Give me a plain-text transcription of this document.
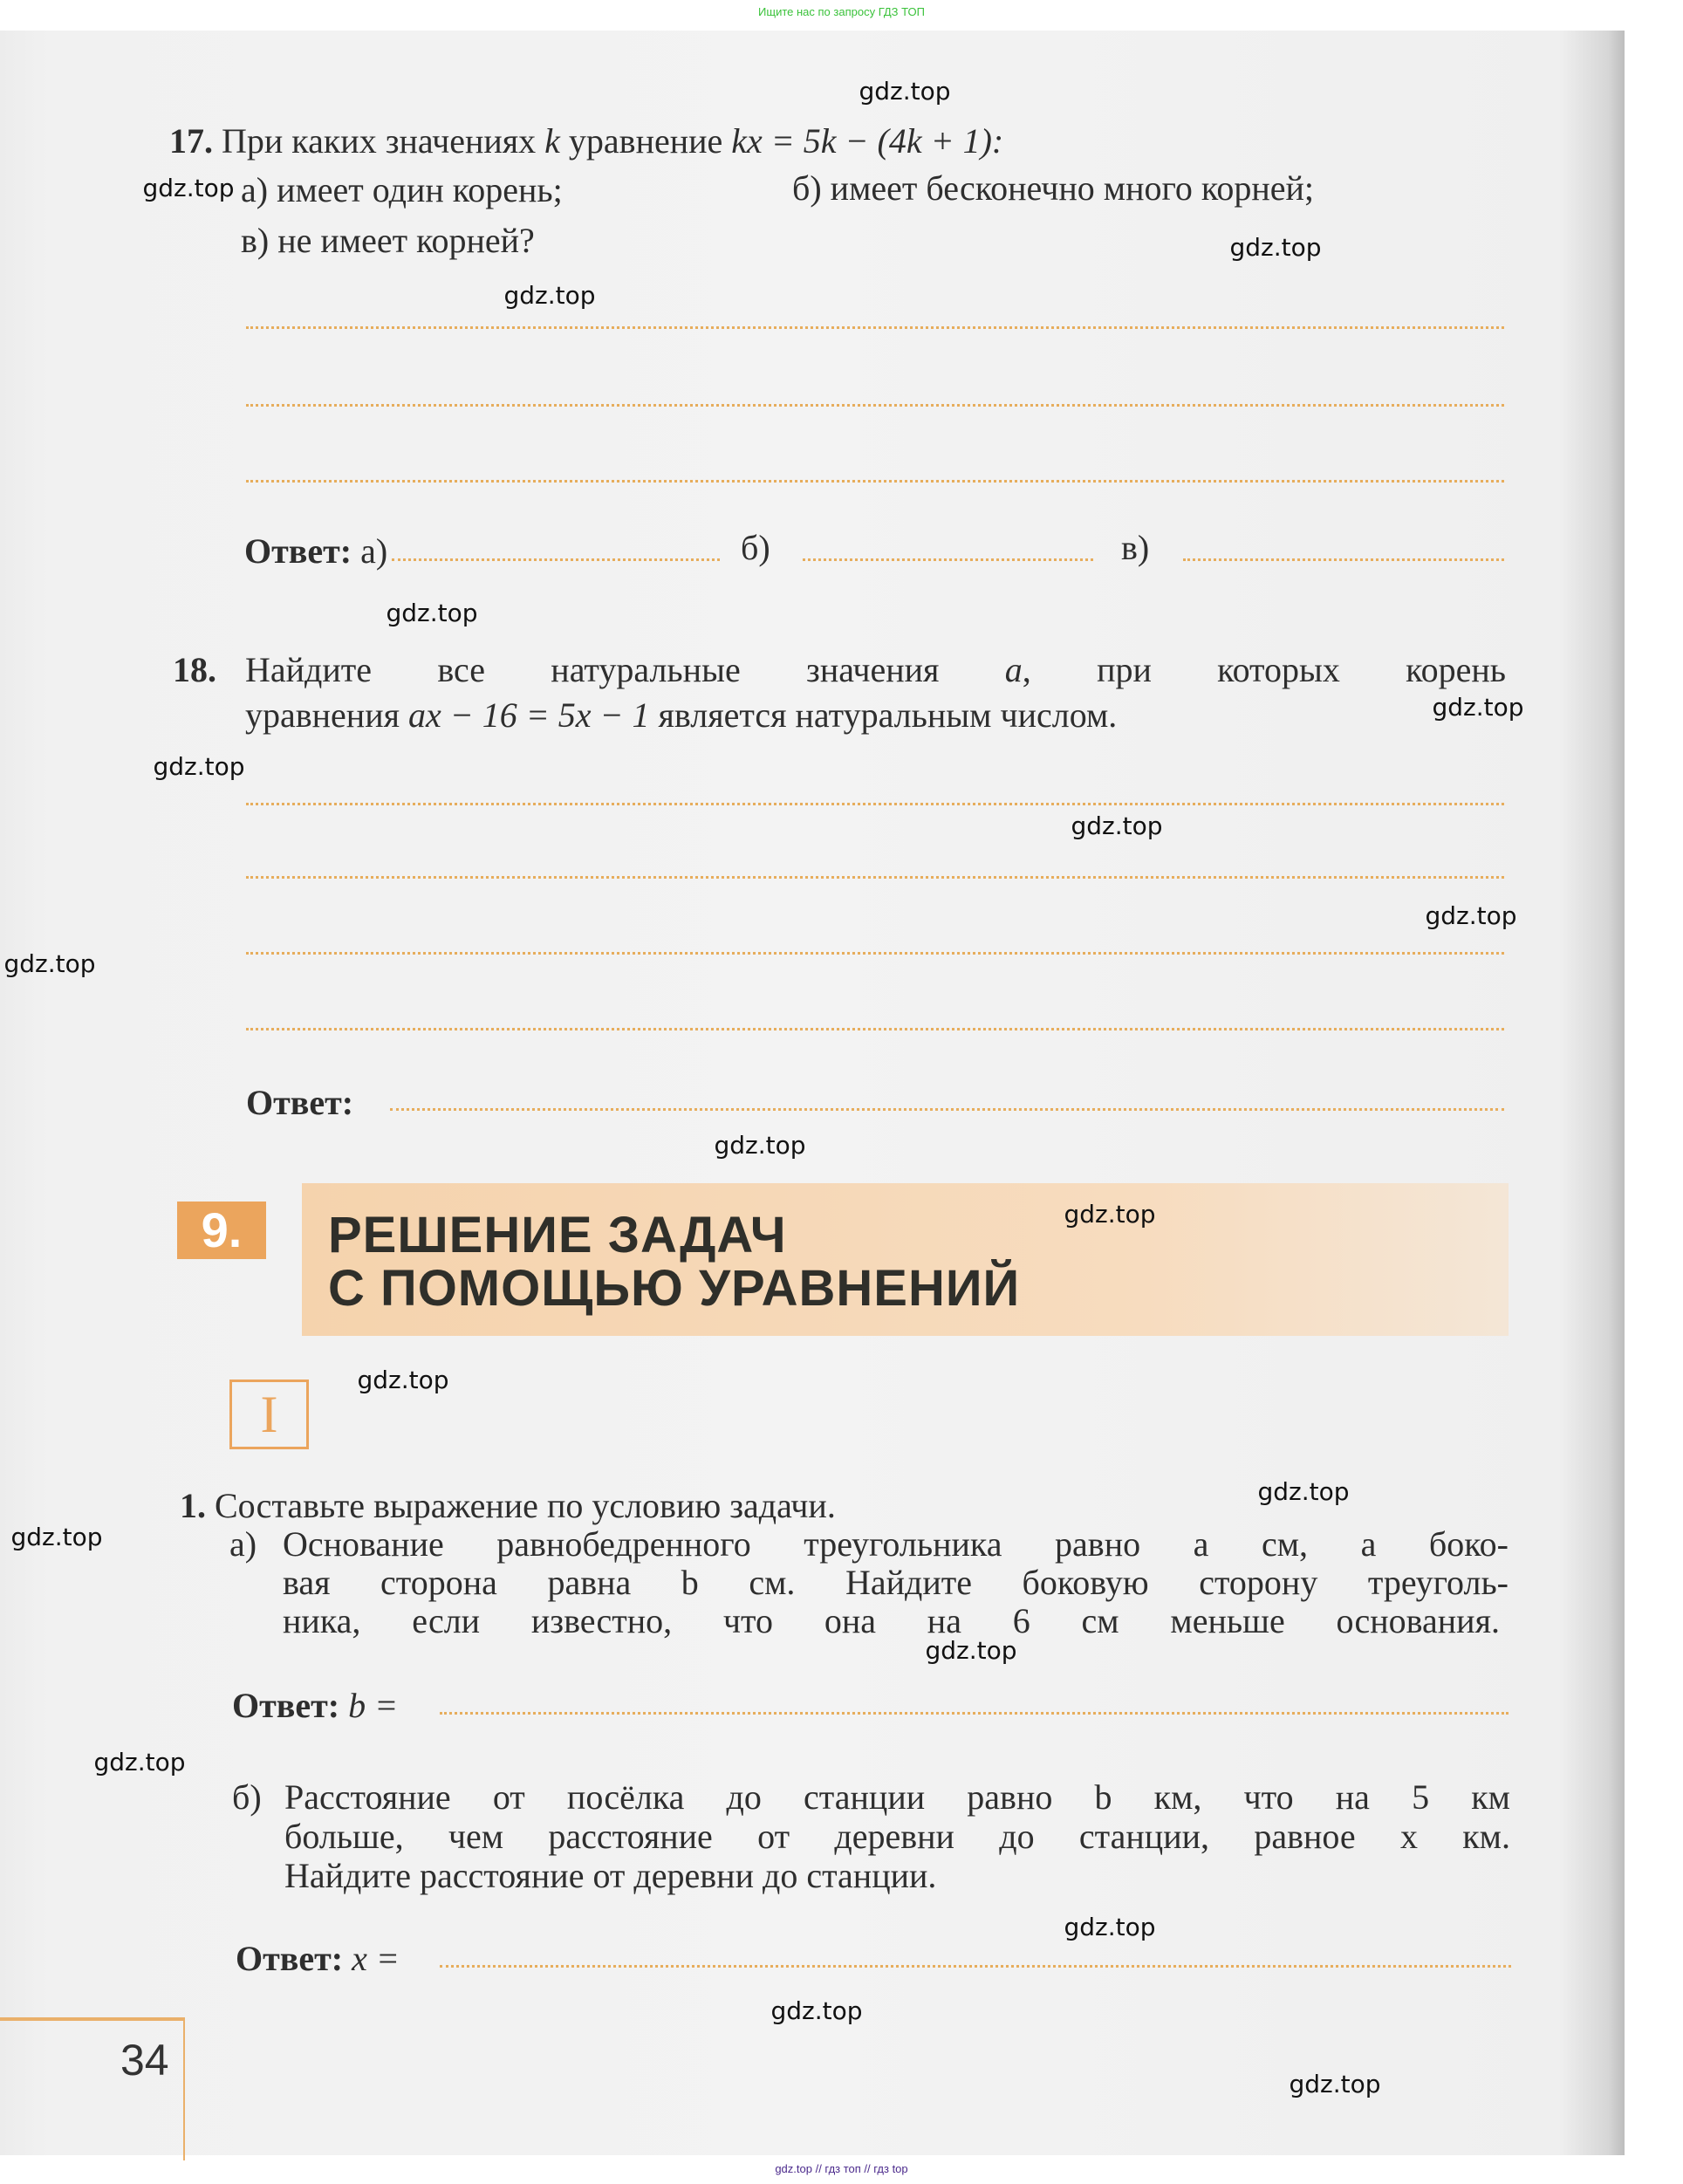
Ищите нас по запросу ГДЗ ТОП
17. При каких значениях k уравнение kx = 5k − (4k + 1):
а) имеет один корень;	б) имеет бесконечно много корней;
в) не имеет корней?
Ответ: а)	б)	в)
18. Найдите все натуральные значения a, при которых корень
уравнения ax − 16 = 5x − 1 является натуральным числом.
Ответ:
9.	РЕШЕНИЕ ЗАДАЧ
С ПОМОЩЬЮ УРАВНЕНИЙ
I
1. Составьте выражение по условию задачи.
а) Основание равнобедренного треугольника равно a см, а боко-
вая сторона равна b см. Найдите боковую сторону треуголь-
ника, если известно, что она на 6 см меньше основания.
Ответ: b =
б) Расстояние от посёлка до станции равно b км, что на 5 км
больше, чем расстояние от деревни до станции, равное x км.
Найдите расстояние от деревни до станции.
Ответ: x =
34
gdz.top
gdz.top
gdz.top
gdz.top
gdz.top
gdz.top
gdz.top
gdz.top
gdz.top
gdz.top
gdz.top
gdz.top
gdz.top
gdz.top
gdz.top
gdz.top
gdz.top
gdz.top
gdz.top
gdz.top
gdz.top // гдз топ // гдз top
